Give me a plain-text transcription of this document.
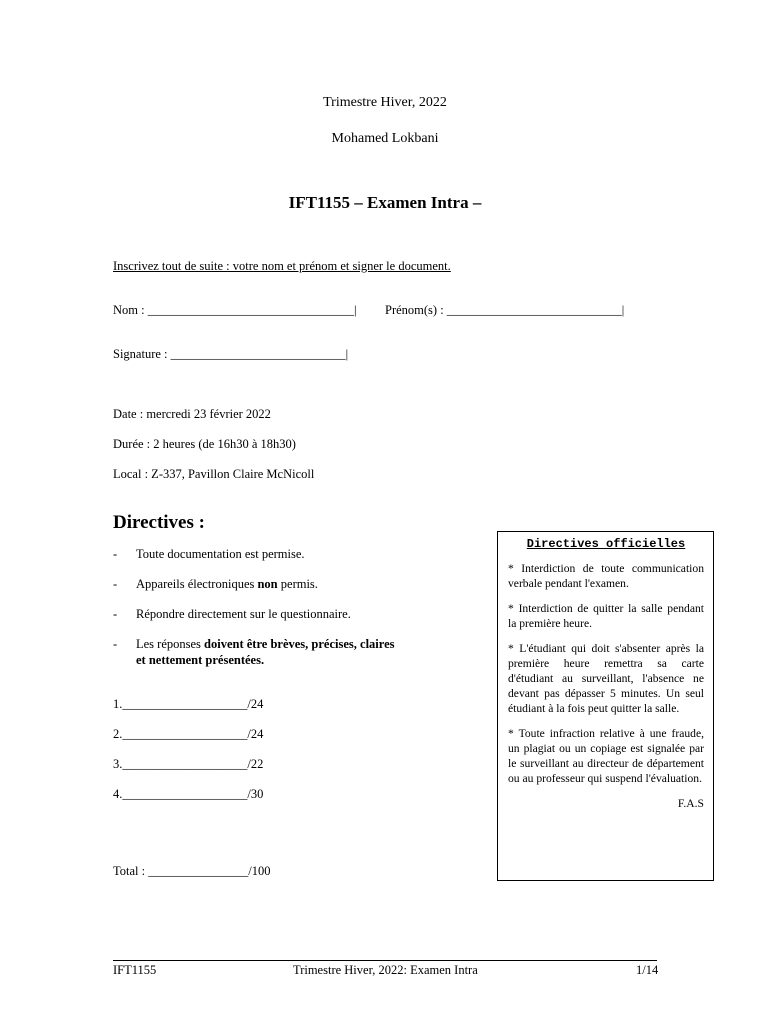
Trimestre Hiver, 2022
Mohamed Lokbani
IFT1155 – Examen Intra –
Inscrivez tout de suite : votre nom et prénom et signer le document.
Nom : _________________________________| Prénom(s) : ____________________________|
Signature : ____________________________|
Date : mercredi 23 février 2022
Durée : 2 heures (de 16h30 à 18h30)
Local : Z-337, Pavillon Claire McNicoll
Directives :
- Toute documentation est permise.
- Appareils électroniques non permis.
- Répondre directement sur le questionnaire.
- Les réponses doivent être brèves, précises, claires
et nettement présentées.
1.____________________/24
2.____________________/24
3.____________________/22
4.____________________/30
Total : ________________/100
Directives officielles

* Interdiction de toute communication verbale pendant l'examen.

* Interdiction de quitter la salle pendant la première heure.

* L'étudiant qui doit s'absenter après la première heure remettra sa carte d'étudiant au surveillant, l'absence ne devant pas dépasser 5 minutes. Un seul étudiant à la fois peut quitter la salle.

* Toute infraction relative à une fraude, un plagiat ou un copiage est signalée par le surveillant au directeur de département ou au professeur qui suspend l'évaluation.

F.A.S
IFT1155	Trimestre Hiver, 2022: Examen Intra	1/14
